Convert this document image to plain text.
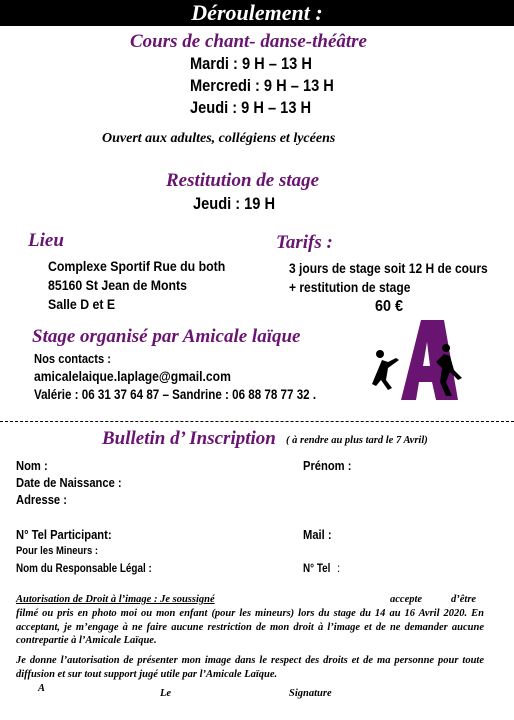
Déroulement :
Cours de chant- danse-théâtre
Mardi : 9 H – 13 H
Mercredi : 9 H – 13 H
Jeudi : 9 H – 13 H
Ouvert aux adultes, collégiens et lycéens
Restitution de stage
Jeudi : 19 H
Lieu
Complexe Sportif Rue du both
85160 St Jean de Monts
Salle D et E
Tarifs :
3 jours de stage soit 12 H de cours
+ restitution de stage
60 €
Stage organisé par Amicale laïque
Nos contacts :
amicalelaique.laplage@gmail.com
Valérie : 06 31 37 64 87 – Sandrine : 06 88 78 77 32 .
Bulletin d’ Inscription ( à rendre au plus tard le 7 Avril)
Nom :	Prénom :
Date de Naissance :
Adresse :
N° Tel Participant:	Mail :
Pour les Mineurs :
Nom du Responsable Légal :	N° Tel :
Autorisation de Droit à l’image : Je soussigné	accepte	d’être
filmé ou pris en photo moi ou mon enfant (pour les mineurs) lors du stage du 14 au 16 Avril 2020. En acceptant, je m’engage à ne faire aucune restriction de mon droit à l’image et de ne demander aucune contrepartie à l’Amicale Laïque.
Je donne l’autorisation de présenter mon image dans le respect des droits et de ma personne pour toute diffusion et sur tout support jugé utile par l’Amicale Laïque.
A	Le	Signature
